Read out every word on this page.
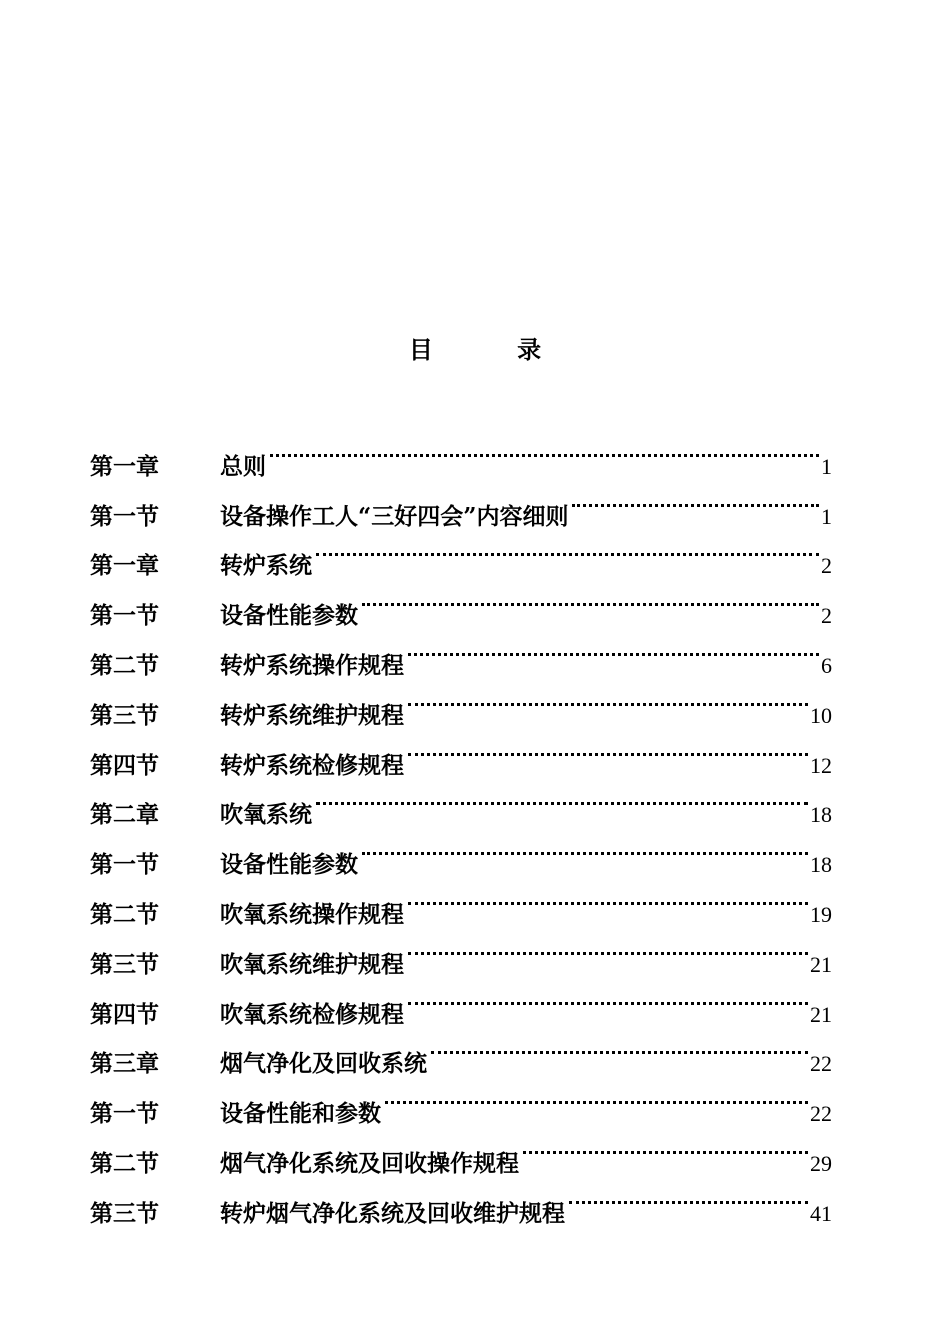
目 录
第一章	总则	1
第一节	设备操作工人“三好四会”内容细则	1
第一章	转炉系统	2
第一节	设备性能参数	2
第二节	转炉系统操作规程	6
第三节	转炉系统维护规程	10
第四节	转炉系统检修规程	12
第二章	吹氧系统	18
第一节	设备性能参数	18
第二节	吹氧系统操作规程	19
第三节	吹氧系统维护规程	21
第四节	吹氧系统检修规程	21
第三章	烟气净化及回收系统	22
第一节	设备性能和参数	22
第二节	烟气净化系统及回收操作规程	29
第三节	转炉烟气净化系统及回收维护规程	41
